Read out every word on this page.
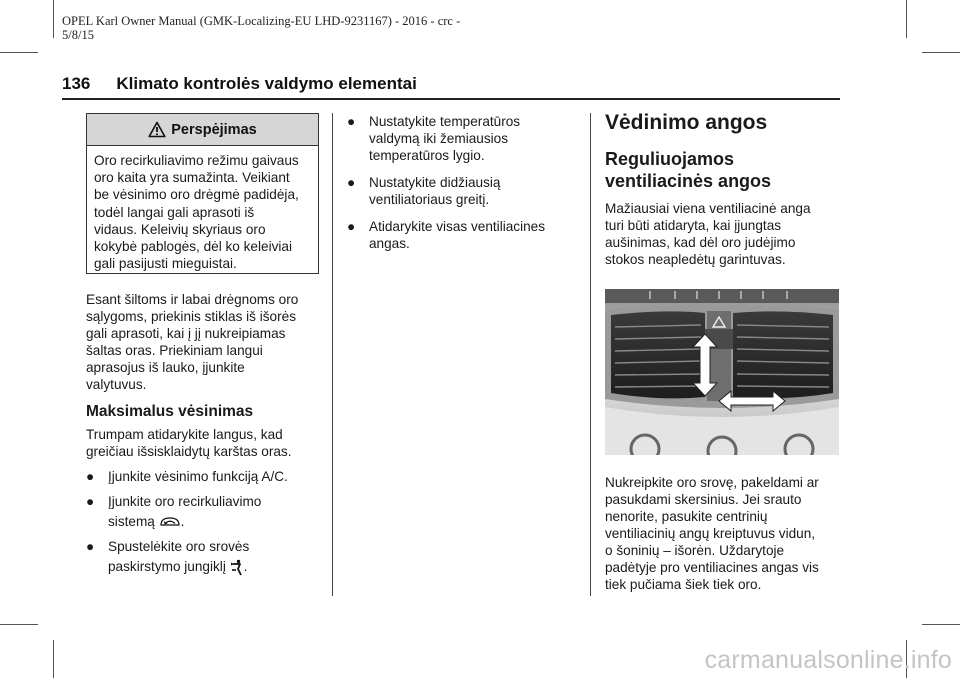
OPEL Karl Owner Manual (GMK-Localizing-EU LHD-9231167) - 2016 - crc -
5/8/15
136 Klimato kontrolės valdymo elementai
Perspėjimas
Oro recirkuliavimo režimu gaivaus
oro kaita yra sumažinta. Veikiant
be vėsinimo oro drėgmė padidėja,
todėl langai gali aprasoti iš
vidaus. Keleivių skyriaus oro
kokybė pablogės, dėl ko keleiviai
gali pasijusti mieguistai.
Esant šiltoms ir labai drėgnoms oro
sąlygoms, priekinis stiklas iš išorės
gali aprasoti, kai į jį nukreipiamas
šaltas oras. Priekiniam langui
aprasojus iš lauko, įjunkite
valytuvus.
Maksimalus vėsinimas
Trumpam atidarykite langus, kad
greičiau išsisklaidytų karštas oras.
●	Įjunkite vėsinimo funkciją A/C.
●	Įjunkite oro recirkuliavimo
sistemą .
●	Spustelėkite oro srovės
paskirstymo jungiklį .
●	Nustatykite temperatūros
valdymą iki žemiausios
temperatūros lygio.
●	Nustatykite didžiausią
ventiliatoriaus greitį.
●	Atidarykite visas ventiliacines
angas.
Vėdinimo angos
Reguliuojamos
ventiliacinės angos
Mažiausiai viena ventiliacinė anga
turi būti atidaryta, kai įjungtas
aušinimas, kad dėl oro judėjimo
stokos neapledėtų garintuvas.
Nukreipkite oro srovę, pakeldami ar
pasukdami skersinius. Jei srauto
nenorite, pasukite centrinių
ventiliacinių angų kreiptuvus vidun,
o šoninių – išorėn. Uždarytoje
padėtyje pro ventiliacines angas vis
tiek pučiama šiek tiek oro.
carmanualsonline.info
